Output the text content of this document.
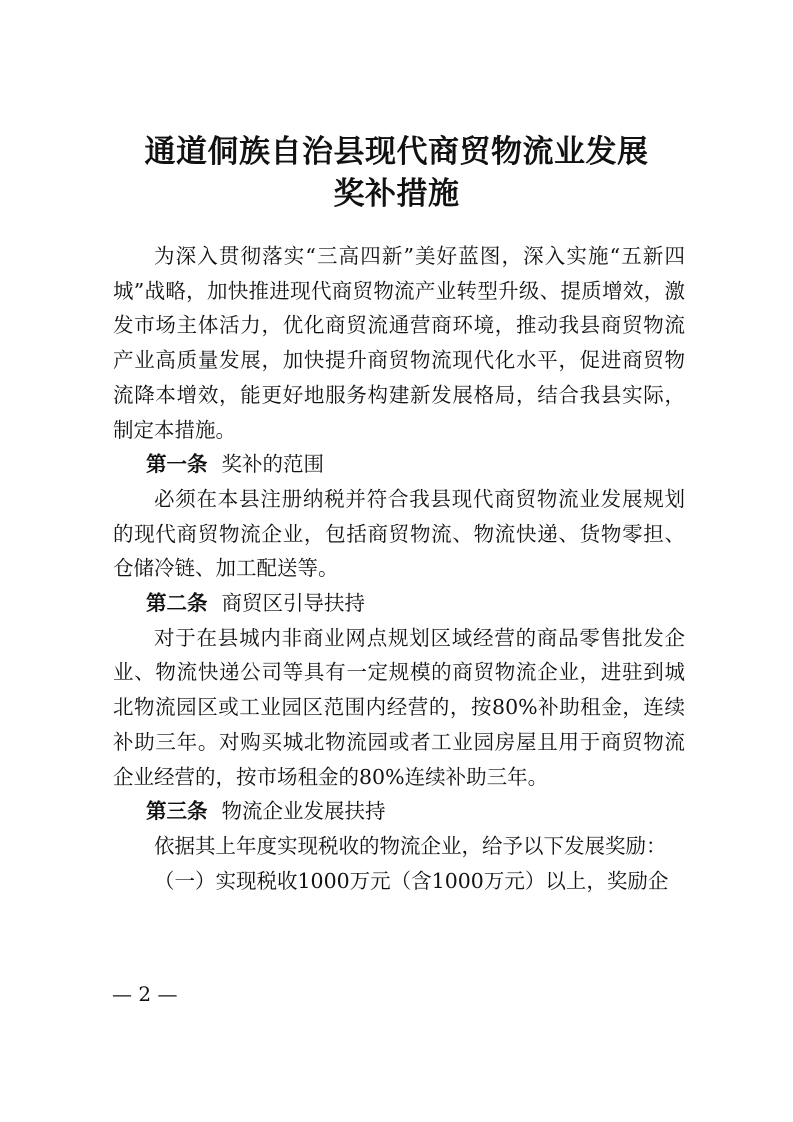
通道侗族自治县现代商贸物流业发展
奖补措施

为深入贯彻落实“三高四新”美好蓝图，深入实施“五新四城”战略，加快推进现代商贸物流产业转型升级、提质增效，激发市场主体活力，优化商贸流通营商环境，推动我县商贸物流产业高质量发展，加快提升商贸物流现代化水平，促进商贸物流降本增效，能更好地服务构建新发展格局，结合我县实际，制定本措施。

第一条 奖补的范围

必须在本县注册纳税并符合我县现代商贸物流业发展规划的现代商贸物流企业，包括商贸物流、物流快递、货物零担、仓储冷链、加工配送等。

第二条 商贸区引导扶持

对于在县城内非商业网点规划区域经营的商品零售批发企业、物流快递公司等具有一定规模的商贸物流企业，进驻到城北物流园区或工业园区范围内经营的，按80%补助租金，连续补助三年。对购买城北物流园或者工业园房屋且用于商贸物流企业经营的，按市场租金的80%连续补助三年。

第三条 物流企业发展扶持

依据其上年度实现税收的物流企业，给予以下发展奖励：

（一）实现税收1000万元（含1000万元）以上，奖励企

— 2 —
